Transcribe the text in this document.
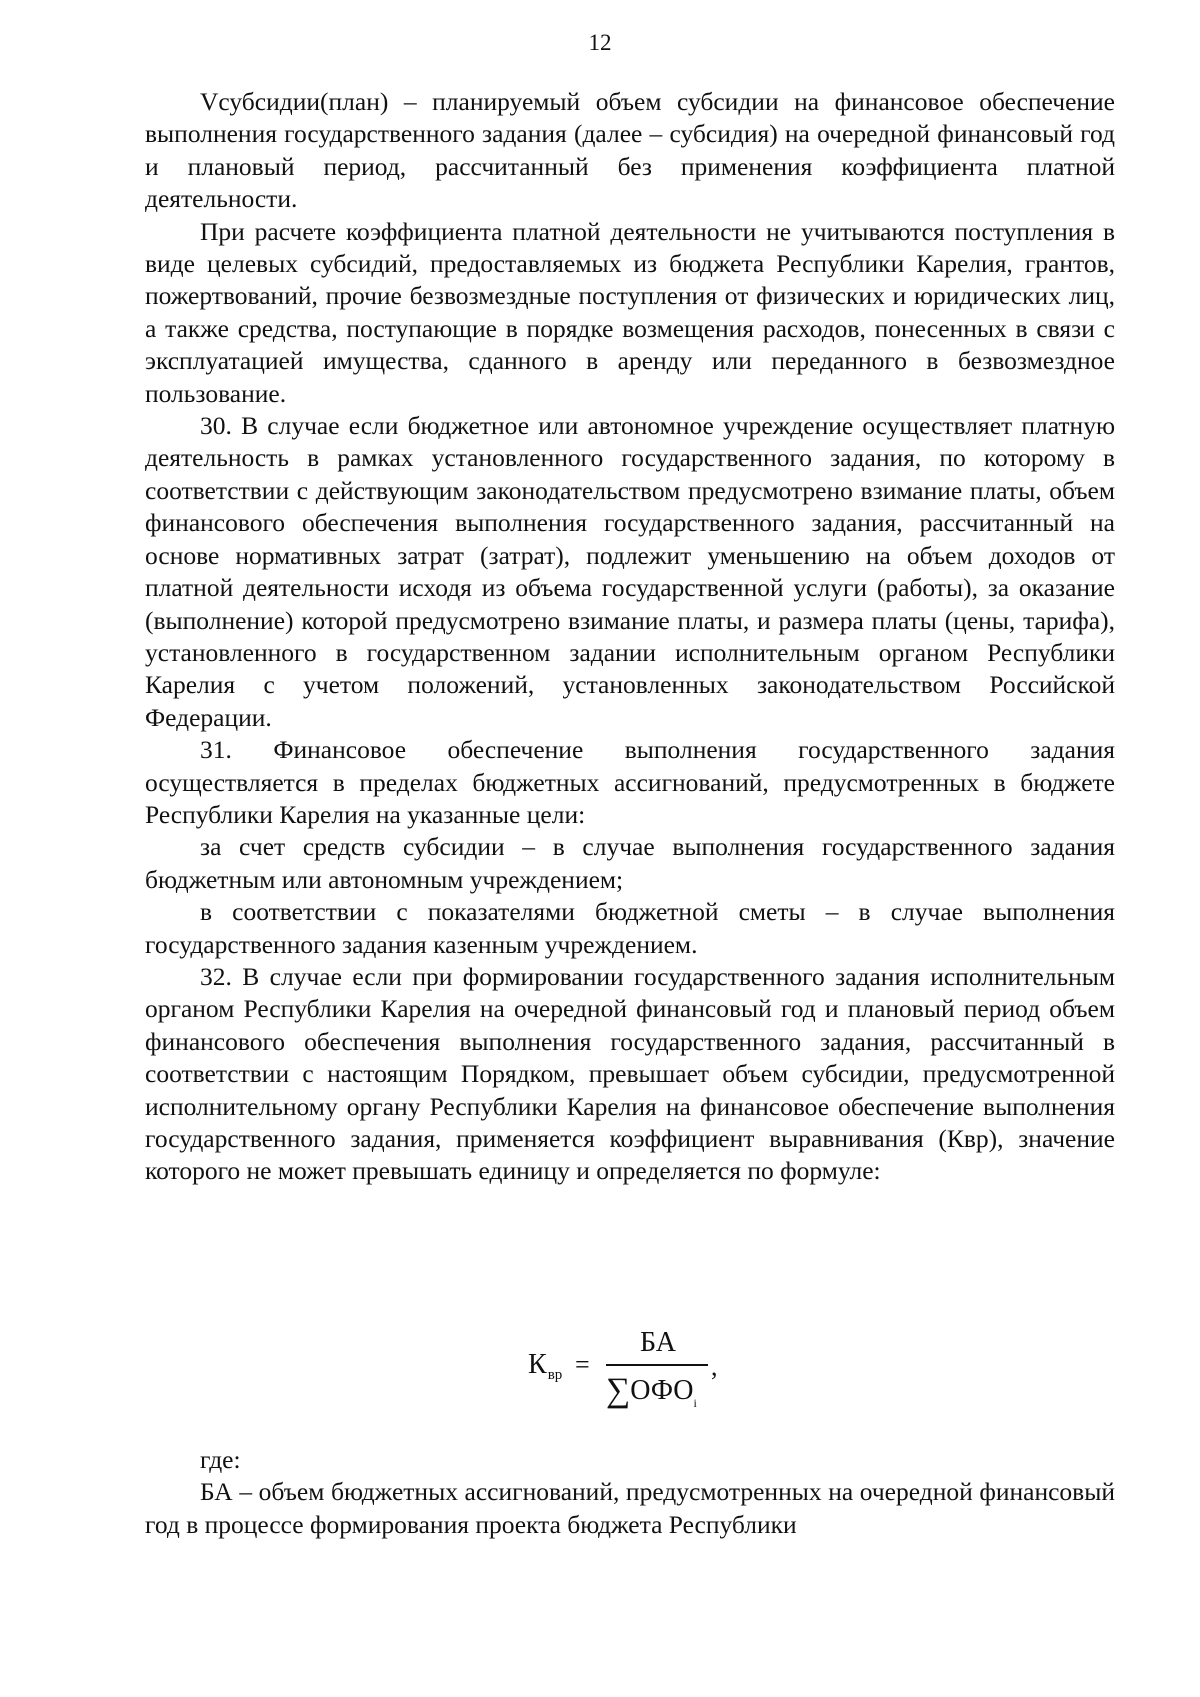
12

Vсубсидии(план) – планируемый объем субсидии на финансовое обеспечение выполнения государственного задания (далее – субсидия) на очередной финансовый год и плановый период, рассчитанный без применения коэффициента платной деятельности.

При расчете коэффициента платной деятельности не учитываются поступления в виде целевых субсидий, предоставляемых из бюджета Республики Карелия, грантов, пожертвований, прочие безвозмездные поступления от физических и юридических лиц, а также средства, поступающие в порядке возмещения расходов, понесенных в связи с эксплуатацией имущества, сданного в аренду или переданного в безвозмездное пользование.

30. В случае если бюджетное или автономное учреждение осуществляет платную деятельность в рамках установленного государственного задания, по которому в соответствии с действующим законодательством предусмотрено взимание платы, объем финансового обеспечения выполнения государственного задания, рассчитанный на основе нормативных затрат (затрат), подлежит уменьшению на объем доходов от платной деятельности исходя из объема государственной услуги (работы), за оказание (выполнение) которой предусмотрено взимание платы, и размера платы (цены, тарифа), установленного в государственном задании исполнительным органом Республики Карелия с учетом положений, установленных законодательством Российской Федерации.

31. Финансовое обеспечение выполнения государственного задания осуществляется в пределах бюджетных ассигнований, предусмотренных в бюджете Республики Карелия на указанные цели:

за счет средств субсидии – в случае выполнения государственного задания бюджетным или автономным учреждением;

в соответствии с показателями бюджетной сметы – в случае выполнения государственного задания казенным учреждением.

32. В случае если при формировании государственного задания исполнительным органом Республики Карелия на очередной финансовый год и плановый период объем финансового обеспечения выполнения государственного задания, рассчитанный в соответствии с настоящим Порядком, превышает объем субсидии, предусмотренной исполнительному органу Республики Карелия на финансовое обеспечение выполнения государственного задания, применяется коэффициент выравнивания (Квр), значение которого не может превышать единицу и определяется по формуле:

$К_{вр}$ =
БА
$\sum ОФО_i$
,

где:

БА – объем бюджетных ассигнований, предусмотренных на очередной финансовый год в процессе формирования проекта бюджета Республики
